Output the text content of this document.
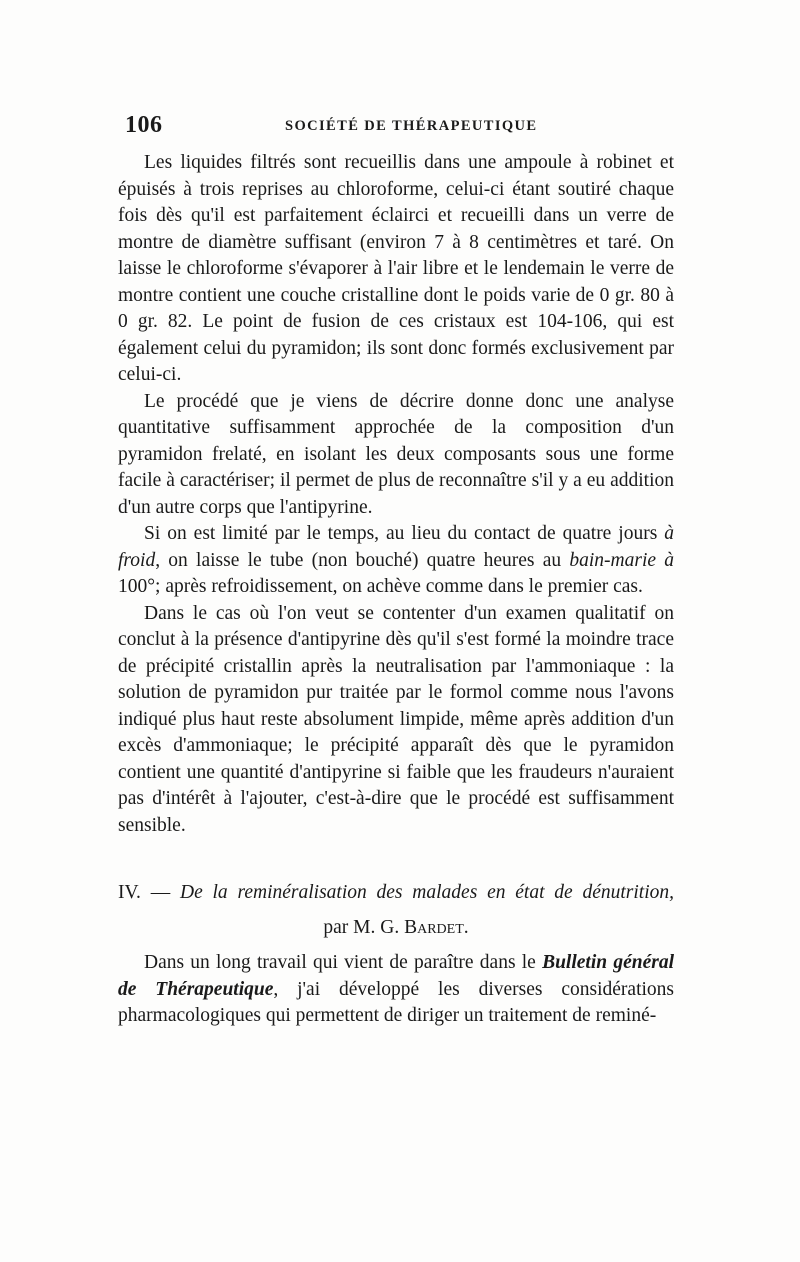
106	SOCIÉTÉ DE THÉRAPEUTIQUE

Les liquides filtrés sont recueillis dans une ampoule à robinet et épuisés à trois reprises au chloroforme, celui-ci étant soutiré chaque fois dès qu'il est parfaitement éclairci et recueilli dans un verre de montre de diamètre suffisant (environ 7 à 8 centimètres et taré. On laisse le chloroforme s'évaporer à l'air libre et le lendemain le verre de montre contient une couche cristalline dont le poids varie de 0 gr. 80 à 0 gr. 82. Le point de fusion de ces cristaux est 104-106, qui est également celui du pyramidon; ils sont donc formés exclusivement par celui-ci.

Le procédé que je viens de décrire donne donc une analyse quantitative suffisamment approchée de la composition d'un pyramidon frelaté, en isolant les deux composants sous une forme facile à caractériser; il permet de plus de reconnaître s'il y a eu addition d'un autre corps que l'antipyrine.

Si on est limité par le temps, au lieu du contact de quatre jours à froid, on laisse le tube (non bouché) quatre heures au bain-marie à 100°; après refroidissement, on achève comme dans le premier cas.

Dans le cas où l'on veut se contenter d'un examen qualitatif on conclut à la présence d'antipyrine dès qu'il s'est formé la moindre trace de précipité cristallin après la neutralisation par l'ammoniaque : la solution de pyramidon pur traitée par le formol comme nous l'avons indiqué plus haut reste absolument limpide, même après addition d'un excès d'ammoniaque; le précipité apparaît dès que le pyramidon contient une quantité d'antipyrine si faible que les fraudeurs n'auraient pas d'intérêt à l'ajouter, c'est-à-dire que le procédé est suffisamment sensible.

IV. — De la reminéralisation des malades en état de dénutrition,
par M. G. Bardet.

Dans un long travail qui vient de paraître dans le Bulletin général de Thérapeutique, j'ai développé les diverses considérations pharmacologiques qui permettent de diriger un traitement de reminé-
